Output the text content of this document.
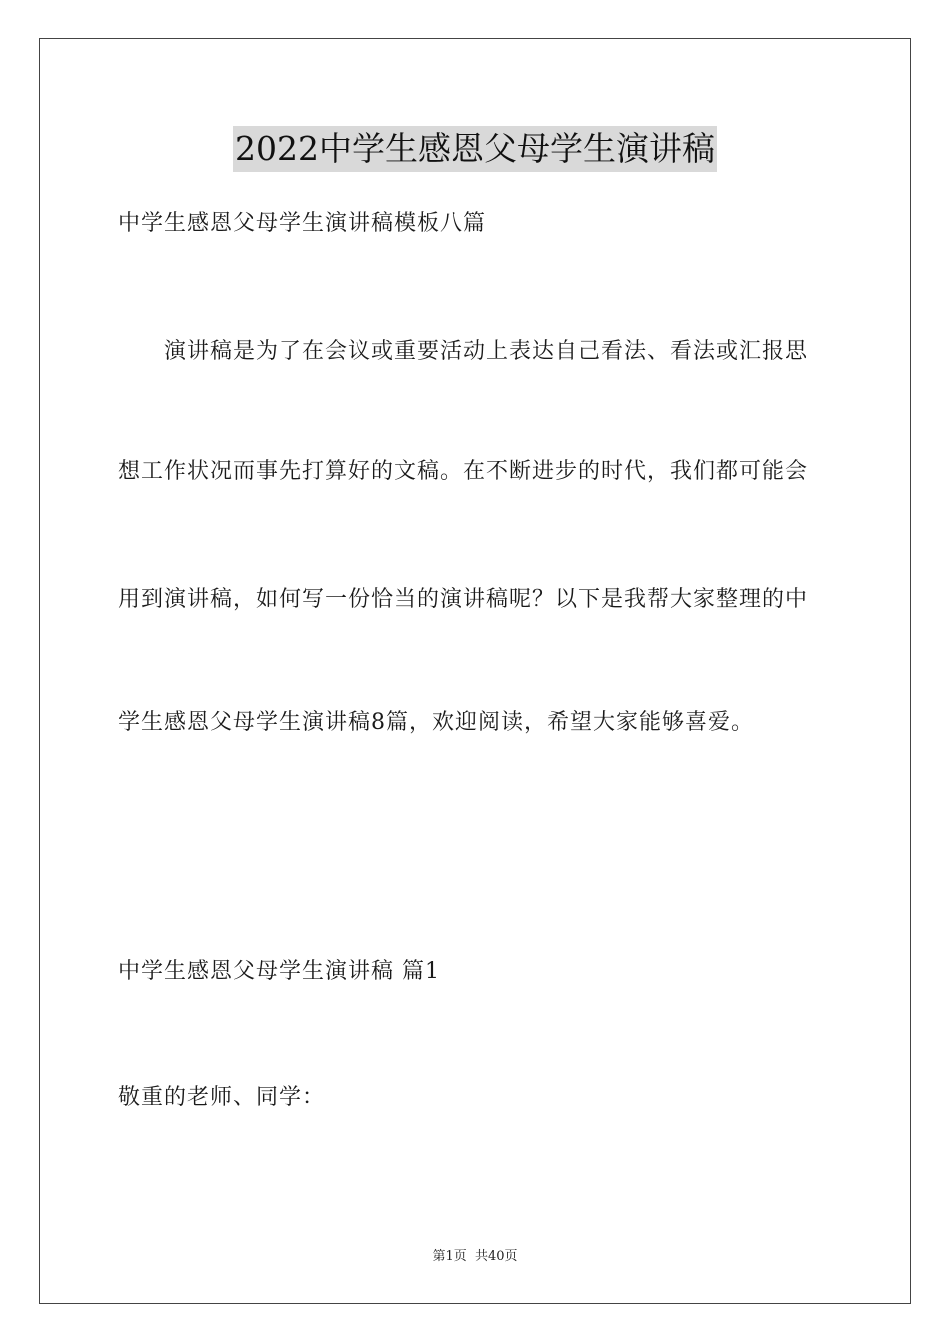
2022中学生感恩父母学生演讲稿
中学生感恩父母学生演讲稿模板八篇
演讲稿是为了在会议或重要活动上表达自己看法、看法或汇报思
想工作状况而事先打算好的文稿。在不断进步的时代，我们都可能会
用到演讲稿，如何写一份恰当的演讲稿呢？以下是我帮大家整理的中
学生感恩父母学生演讲稿8篇，欢迎阅读，希望大家能够喜爱。
中学生感恩父母学生演讲稿 篇1
敬重的老师、同学：
第1页 共40页
